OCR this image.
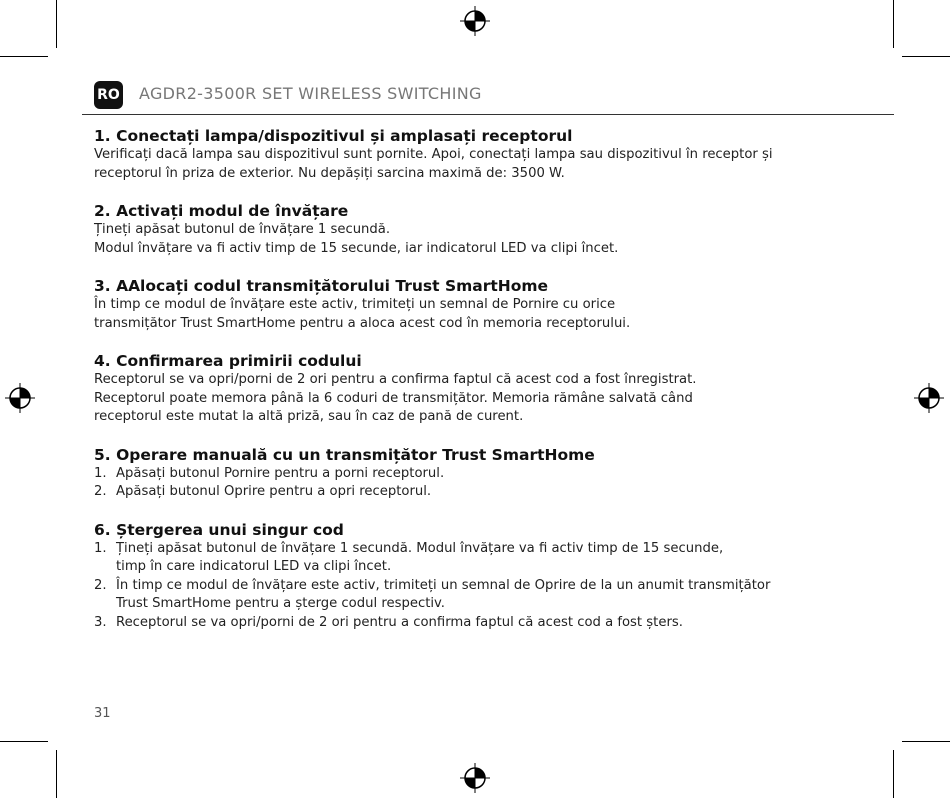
RO AGDR2-3500R SET WIRELESS SWITCHING
1. Conectați lampa/dispozitivul și amplasați receptorul

Verificați dacă lampa sau dispozitivul sunt pornite. Apoi, conectați lampa sau dispozitivul în receptor și

receptorul în priza de exterior. Nu depășiți sarcina maximă de: 3500 W.

2. Activați modul de învățare

Țineți apăsat butonul de învățare 1 secundă.

Modul învățare va fi activ timp de 15 secunde, iar indicatorul LED va clipi încet.

3. AAlocați codul transmițătorului Trust SmartHome

În timp ce modul de învățare este activ, trimiteți un semnal de Pornire cu orice

transmițător Trust SmartHome pentru a aloca acest cod în memoria receptorului.

4. Confirmarea primirii codului

Receptorul se va opri/porni de 2 ori pentru a confirma faptul că acest cod a fost înregistrat.

Receptorul poate memora până la 6 coduri de transmițător. Memoria rămâne salvată când

receptorul este mutat la altă priză, sau în caz de pană de curent.

5. Operare manuală cu un transmițător Trust SmartHome
1. Apăsați butonul Pornire pentru a porni receptorul.
2. Apăsați butonul Oprire pentru a opri receptorul.
6. Ștergerea unui singur cod
1. Țineți apăsat butonul de învățare 1 secundă. Modul învățare va fi activ timp de 15 secunde,
timp în care indicatorul LED va clipi încet.
2. În timp ce modul de învățare este activ, trimiteți un semnal de Oprire de la un anumit transmițător
Trust SmartHome pentru a șterge codul respectiv.
3. Receptorul se va opri/porni de 2 ori pentru a confirma faptul că acest cod a fost șters.
31
